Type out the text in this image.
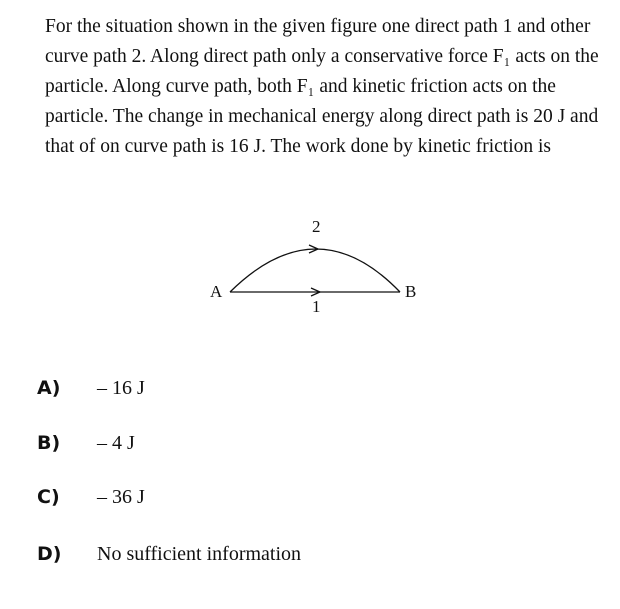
For the situation shown in the given figure one direct path 1 and other curve path 2. Along direct path only a conservative force F₁ acts on the particle. Along curve path, both F₁ and kinetic friction acts on the particle. The change in mechanical energy along direct path is 20 J and that of on curve path is 16 J. The work done by kinetic friction is

A	B
1
2
A)	– 16 J
B)	– 4 J
C)	– 36 J
D)	No sufficient information
